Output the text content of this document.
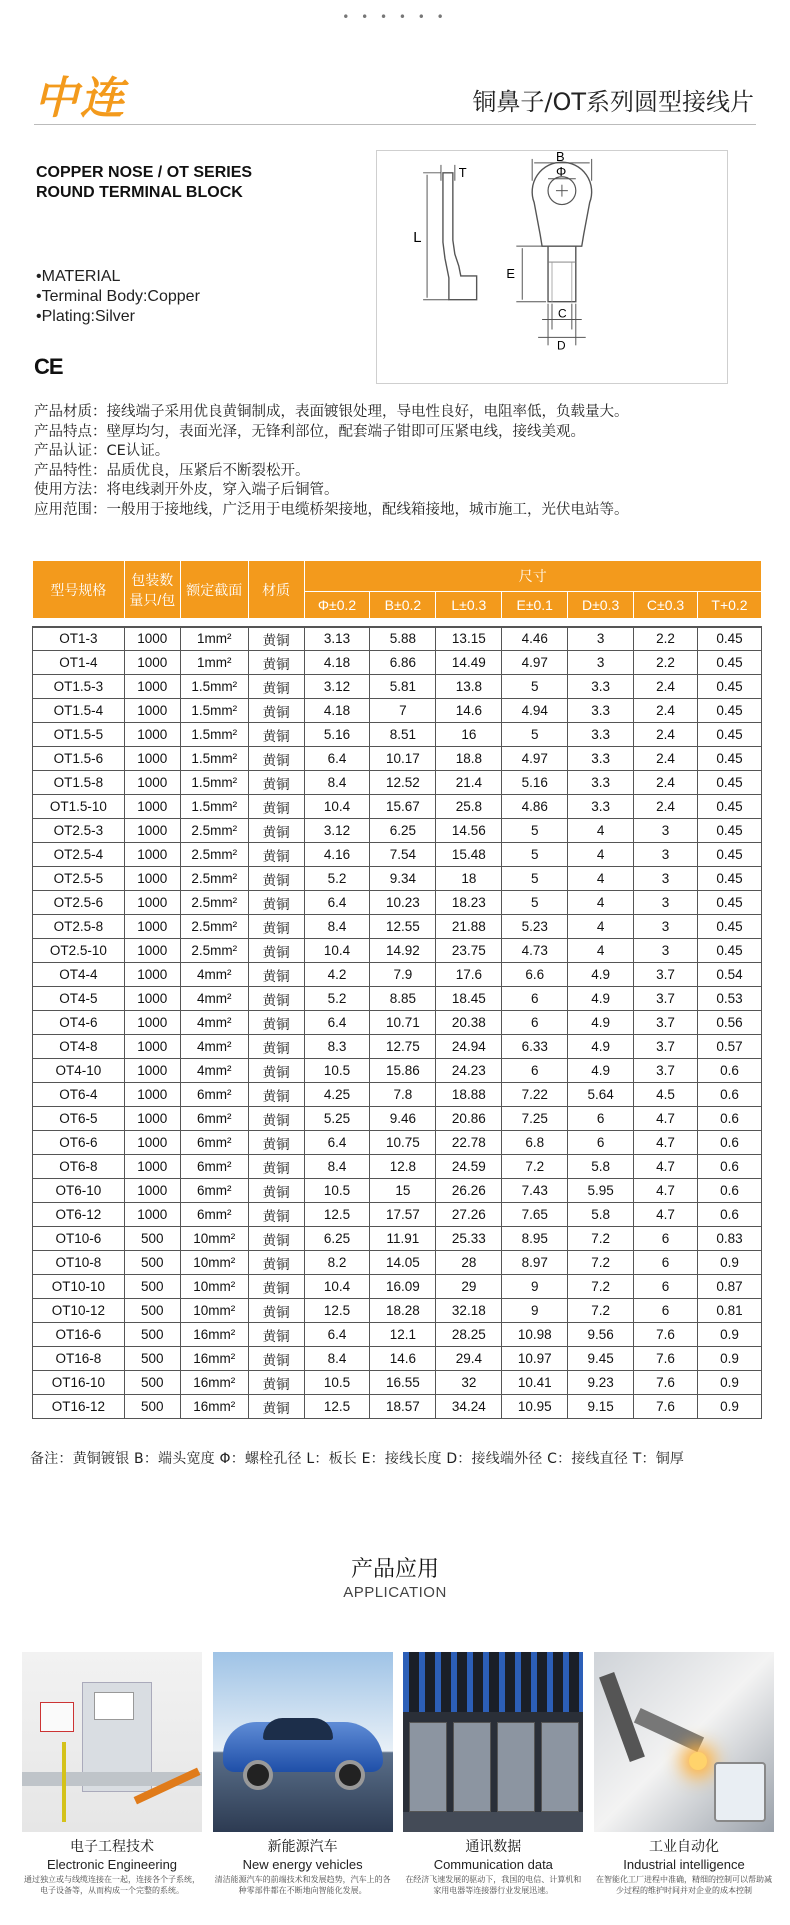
• • • • • •
中连	铜鼻子/OT系列圆型接线片
COPPER NOSE / OT SERIES ROUND TERMINAL BLOCK
• MATERIAL
• Terminal Body:Copper
• Plating:Silver
CE
T
L
B
Φ
E
C
D
产品材质： 接线端子采用优良黄铜制成，表面镀银处理，导电性良好，电阻率低，负载量大。
产品特点： 壁厚均匀，表面光泽，无锋利部位，配套端子钳即可压紧电线，接线美观。
产品认证： CE认证。
产品特性： 品质优良，压紧后不断裂松开。
使用方法： 将电线剥开外皮，穿入端子后铜管。
应用范围： 一般用于接地线，广泛用于电缆桥架接地，配线箱接地，城市施工，光伏电站等。
型号规格	包装数量只/包	额定截面	材质	尺寸						
				Φ±0.2	B±0.2	L±0.3	E±0.1	D±0.3	C±0.3	T+0.2

OT1-3	1000	1mm²	黄铜	3.13	5.88	13.15	4.46	3	2.2	0.45
OT1-4	1000	1mm²	黄铜	4.18	6.86	14.49	4.97	3	2.2	0.45
OT1.5-3	1000	1.5mm²	黄铜	3.12	5.81	13.8	5	3.3	2.4	0.45
OT1.5-4	1000	1.5mm²	黄铜	4.18	7	14.6	4.94	3.3	2.4	0.45
OT1.5-5	1000	1.5mm²	黄铜	5.16	8.51	16	5	3.3	2.4	0.45
OT1.5-6	1000	1.5mm²	黄铜	6.4	10.17	18.8	4.97	3.3	2.4	0.45
OT1.5-8	1000	1.5mm²	黄铜	8.4	12.52	21.4	5.16	3.3	2.4	0.45
OT1.5-10	1000	1.5mm²	黄铜	10.4	15.67	25.8	4.86	3.3	2.4	0.45
OT2.5-3	1000	2.5mm²	黄铜	3.12	6.25	14.56	5	4	3	0.45
OT2.5-4	1000	2.5mm²	黄铜	4.16	7.54	15.48	5	4	3	0.45
OT2.5-5	1000	2.5mm²	黄铜	5.2	9.34	18	5	4	3	0.45
OT2.5-6	1000	2.5mm²	黄铜	6.4	10.23	18.23	5	4	3	0.45
OT2.5-8	1000	2.5mm²	黄铜	8.4	12.55	21.88	5.23	4	3	0.45
OT2.5-10	1000	2.5mm²	黄铜	10.4	14.92	23.75	4.73	4	3	0.45
OT4-4	1000	4mm²	黄铜	4.2	7.9	17.6	6.6	4.9	3.7	0.54
OT4-5	1000	4mm²	黄铜	5.2	8.85	18.45	6	4.9	3.7	0.53
OT4-6	1000	4mm²	黄铜	6.4	10.71	20.38	6	4.9	3.7	0.56
OT4-8	1000	4mm²	黄铜	8.3	12.75	24.94	6.33	4.9	3.7	0.57
OT4-10	1000	4mm²	黄铜	10.5	15.86	24.23	6	4.9	3.7	0.6
OT6-4	1000	6mm²	黄铜	4.25	7.8	18.88	7.22	5.64	4.5	0.6
OT6-5	1000	6mm²	黄铜	5.25	9.46	20.86	7.25	6	4.7	0.6
OT6-6	1000	6mm²	黄铜	6.4	10.75	22.78	6.8	6	4.7	0.6
OT6-8	1000	6mm²	黄铜	8.4	12.8	24.59	7.2	5.8	4.7	0.6
OT6-10	1000	6mm²	黄铜	10.5	15	26.26	7.43	5.95	4.7	0.6
OT6-12	1000	6mm²	黄铜	12.5	17.57	27.26	7.65	5.8	4.7	0.6
OT10-6	500	10mm²	黄铜	6.25	11.91	25.33	8.95	7.2	6	0.83
OT10-8	500	10mm²	黄铜	8.2	14.05	28	8.97	7.2	6	0.9
OT10-10	500	10mm²	黄铜	10.4	16.09	29	9	7.2	6	0.87
OT10-12	500	10mm²	黄铜	12.5	18.28	32.18	9	7.2	6	0.81
OT16-6	500	16mm²	黄铜	6.4	12.1	28.25	10.98	9.56	7.6	0.9
OT16-8	500	16mm²	黄铜	8.4	14.6	29.4	10.97	9.45	7.6	0.9
OT16-10	500	16mm²	黄铜	10.5	16.55	32	10.41	9.23	7.6	0.9
OT16-12	500	16mm²	黄铜	12.5	18.57	34.24	10.95	9.15	7.6	0.9
备注：黄铜镀银 B：端头宽度 Φ：螺栓孔径 L：板长 E：接线长度 D：接线端外径 C：接线直径 T：铜厚
产品应用
APPLICATION
电子工程技术
Electronic Engineering
通过独立或与线缆连接在一起，连接各个子系统，电子设备等，从而构成一个完整的系统。
新能源汽车
New energy vehicles
清洁能源汽车的前端技术和发展趋势，汽车上的各种零部件都在不断地向智能化发展。
通讯数据
Communication data
在经济飞速发展的驱动下，我国的电信、计算机和家用电器等连接器行业发展迅速。
工业自动化
Industrial intelligence
在智能化工厂进程中准确，精细的控制可以帮助减少过程的维护时间并对企业的成本控制
